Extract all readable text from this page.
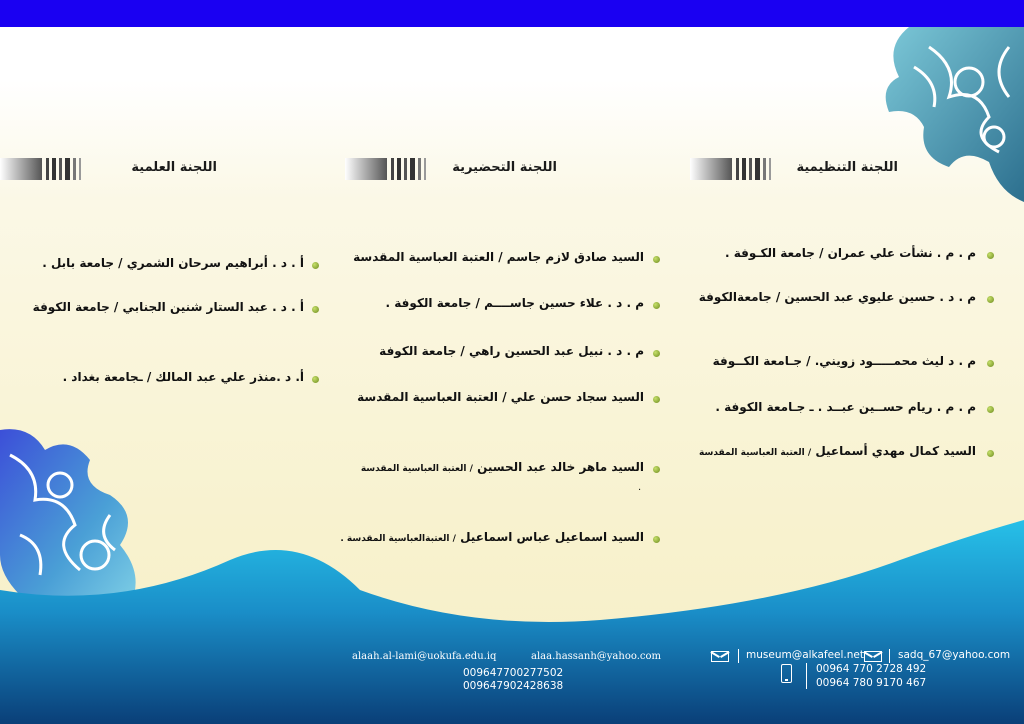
اللجنة التنظيمية
م . م . نشأت علي عمران / جامعة الكـوفة .
م . د . حسين عليوي عبد الحسين / جامعةالكوفة
م . د ليث محمـــــود زويني. / جـامعة الكــوفة
م . م . ريام حســين عبــد . ـ جـامعة الكوفة .
السيد كمال مهدي أسماعيل / العتبة العباسية المقدسة
اللجنة التحضيرية
السيد صادق لازم جاسم / العتبة العباسية المقدسة
م . د . علاء حسين جاســــم / جامعة الكوفة .
م . د . نبيل عبد الحسين راهي / جامعة الكوفة
السيد سجاد حسن علي / العتبة العباسية المقدسة
السيد ماهر خالد عبد الحسين / العتبة العباسية المقدسة
.
السيد اسماعيل عباس اسماعيل / العتبةالعباسية المقدسة .
اللجنة العلمية
أ . د . أبراهيم سرحان الشمري / جامعة بابل .
أ . د . عبد الستار شنين الجنابي / جامعة الكوفة
أ. د .منذر علي عبد المالك / ـجامعة بغداد .
alaah.al-lami@uokufa.edu.iq	alaa.hassanh@yahoo.com
009647700277502
009647902428638
museum@alkafeel.net	sadq_67@yahoo.com
00964 770 2728 492
00964 780 9170 467
